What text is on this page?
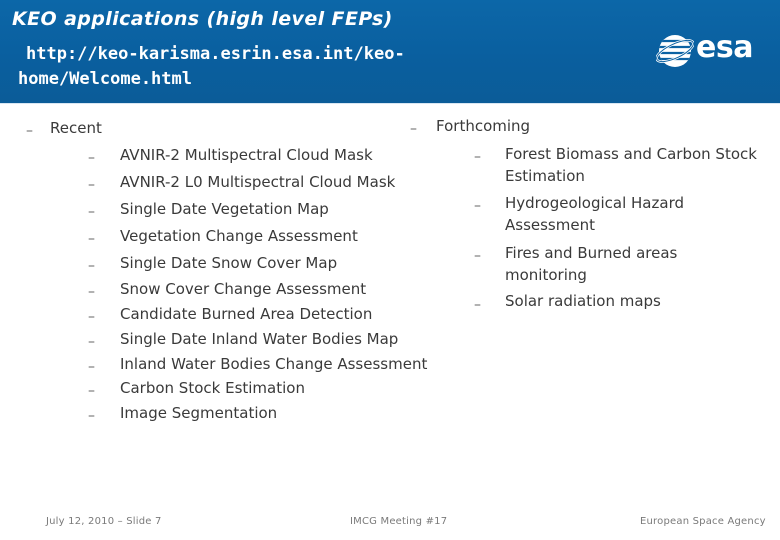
KEO applications (high level FEPs)
http://keo-karisma.esrin.esa.int/keo-
home/Welcome.html
esa
– Recent
– AVNIR-2 Multispectral Cloud Mask
– AVNIR-2 L0 Multispectral Cloud Mask
– Single Date Vegetation Map
– Vegetation Change Assessment
– Single Date Snow Cover Map
– Snow Cover Change Assessment
– Candidate Burned Area Detection
– Single Date Inland Water Bodies Map
– Inland Water Bodies Change Assessment
– Carbon Stock Estimation
– Image Segmentation
– Forthcoming
– Forest Biomass and Carbon Stock Estimation
– Hydrogeological Hazard Assessment
– Fires and Burned areas monitoring
– Solar radiation maps
July 12, 2010 – Slide 7	IMCG Meeting #17	European Space Agency
